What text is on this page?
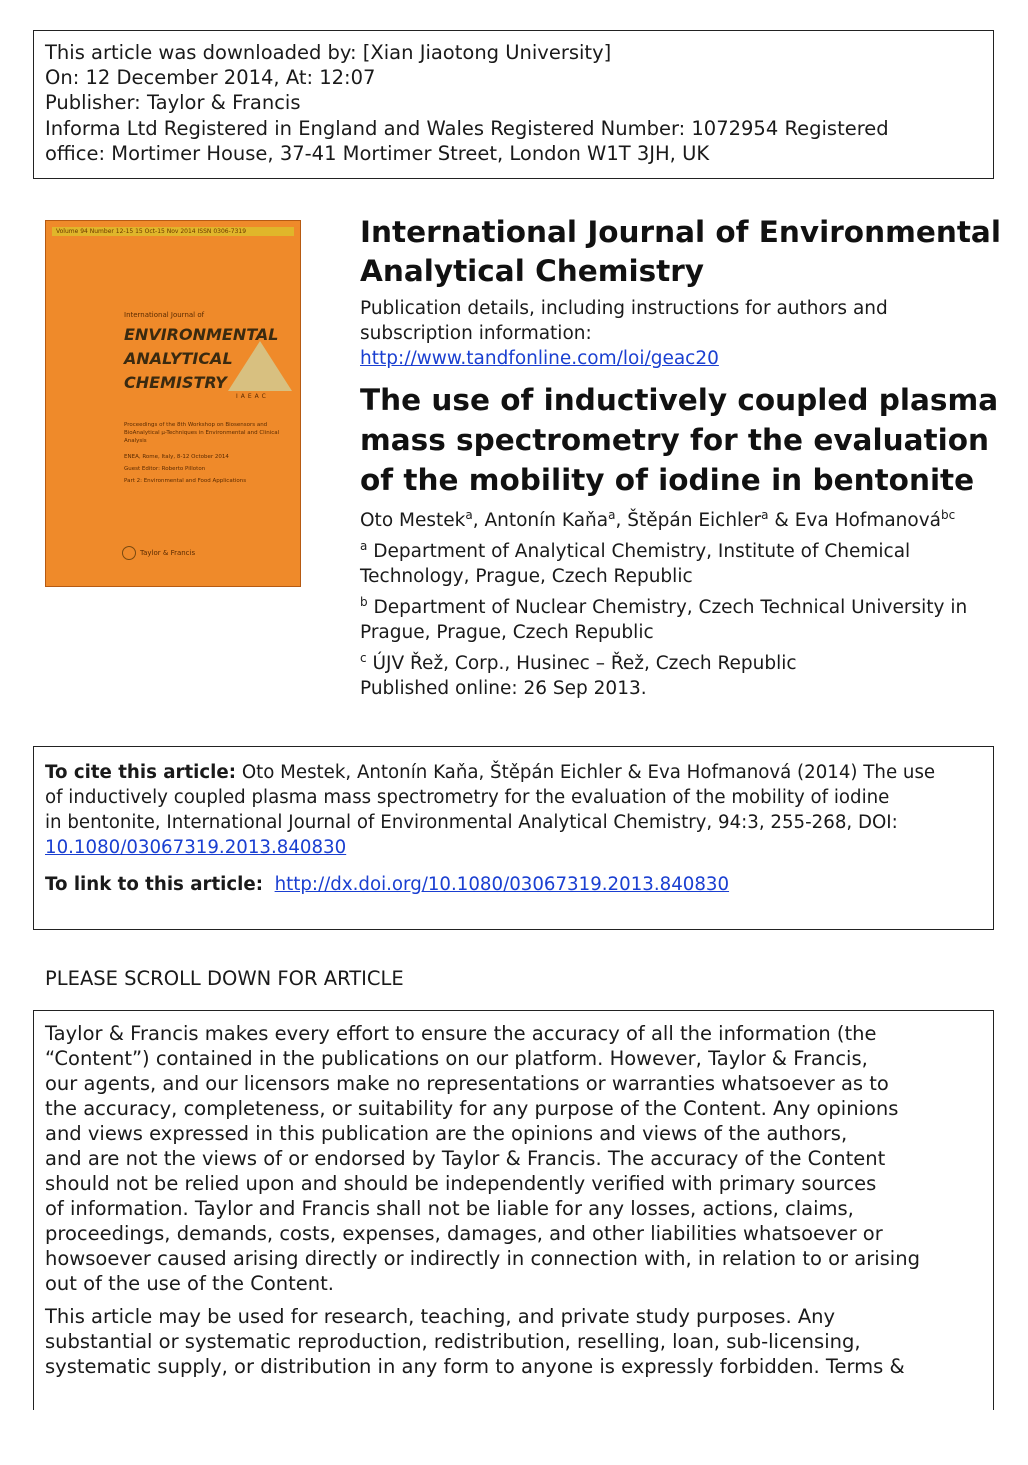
This article was downloaded by: [Xian Jiaotong University]
On: 12 December 2014, At: 12:07
Publisher: Taylor & Francis
Informa Ltd Registered in England and Wales Registered Number: 1072954 Registered
office: Mortimer House, 37-41 Mortimer Street, London W1T 3JH, UK
Volume 94 Number 12-15 15 Oct-15 Nov 2014 ISSN 0306-7319
International Journal of
ENVIRONMENTAL
ANALYTICAL
CHEMISTRY
IAEAC
Proceedings of the 8th Workshop on Biosensors and BioAnalytical µ-Techniques in Environmental and Clinical Analysis
ENEA, Rome, Italy, 8-12 October 2014
Guest Editor: Roberto Pilloton
Part 2: Environmental and Food Applications
Taylor & Francis
International Journal of Environmental
Analytical Chemistry
Publication details, including instructions for authors and
subscription information:
http://www.tandfonline.com/loi/geac20
The use of inductively coupled plasma
mass spectrometry for the evaluation
of the mobility of iodine in bentonite
Oto Mestek$^a$, Antonín Kaňa$^a$, Štěpán Eichler$^a$ & Eva Hofmanová$^{bc}$
$^a$ Department of Analytical Chemistry, Institute of Chemical
Technology, Prague, Czech Republic
$^b$ Department of Nuclear Chemistry, Czech Technical University in
Prague, Prague, Czech Republic
$^c$ ÚJV Řež, Corp., Husinec – Řež, Czech Republic
Published online: 26 Sep 2013.
To cite this article: Oto Mestek, Antonín Kaňa, Štěpán Eichler & Eva Hofmanová (2014) The use
of inductively coupled plasma mass spectrometry for the evaluation of the mobility of iodine
in bentonite, International Journal of Environmental Analytical Chemistry, 94:3, 255-268, DOI:
10.1080/03067319.2013.840830
To link to this article: http://dx.doi.org/10.1080/03067319.2013.840830
PLEASE SCROLL DOWN FOR ARTICLE
Taylor & Francis makes every effort to ensure the accuracy of all the information (the
“Content”) contained in the publications on our platform. However, Taylor & Francis,
our agents, and our licensors make no representations or warranties whatsoever as to
the accuracy, completeness, or suitability for any purpose of the Content. Any opinions
and views expressed in this publication are the opinions and views of the authors,
and are not the views of or endorsed by Taylor & Francis. The accuracy of the Content
should not be relied upon and should be independently verified with primary sources
of information. Taylor and Francis shall not be liable for any losses, actions, claims,
proceedings, demands, costs, expenses, damages, and other liabilities whatsoever or
howsoever caused arising directly or indirectly in connection with, in relation to or arising
out of the use of the Content.
This article may be used for research, teaching, and private study purposes. Any
substantial or systematic reproduction, redistribution, reselling, loan, sub-licensing,
systematic supply, or distribution in any form to anyone is expressly forbidden. Terms &
